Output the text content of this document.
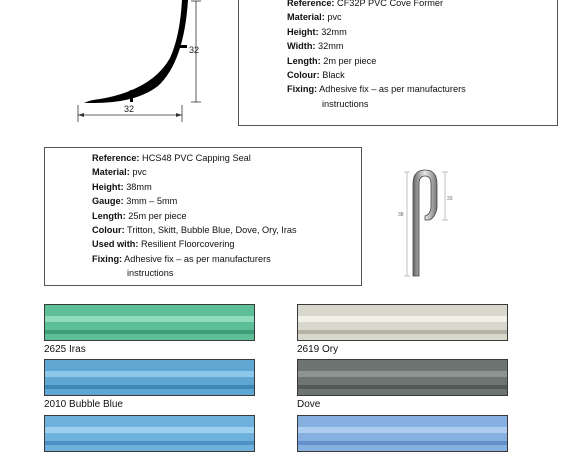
32
32
Reference: CF32P PVC Cove Former
Material: pvc
Height: 32mm
Width: 32mm
Length: 2m per piece
Colour: Black
Fixing: Adhesive fix – as per manufacturers
instructions
Reference: HCS48 PVC Capping Seal
Material: pvc
Height: 38mm
Gauge: 3mm – 5mm
Length: 25m per piece
Colour: Tritton, Skitt, Bubble Blue, Dove, Ory, Iras
Used with: Resilient Floorcovering
Fixing: Adhesive fix – as per manufacturers
instructions
38
33
2625 Iras	2619 Ory
2010 Bubble Blue	Dove
